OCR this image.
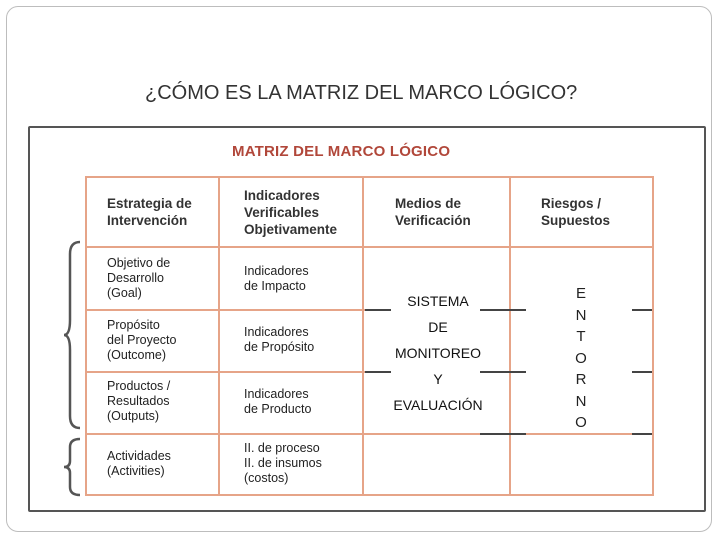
¿CÓMO ES LA MATRIZ DEL MARCO LÓGICO?
MATRIZ DEL MARCO LÓGICO
Estrategia de
Intervención
Indicadores
Verificables
Objetivamente
Medios de
Verificación
Riesgos /
Supuestos
Objetivo de
Desarrollo
(Goal)
Propósito
del Proyecto
(Outcome)
Productos /
Resultados
(Outputs)
Actividades
(Activities)
Indicadores
de Impacto
Indicadores
de Propósito
Indicadores
de Producto
II. de proceso
II. de insumos
(costos)
SISTEMA
DE
MONITOREO
Y
EVALUACIÓN
E
N
T
O
R
N
O
